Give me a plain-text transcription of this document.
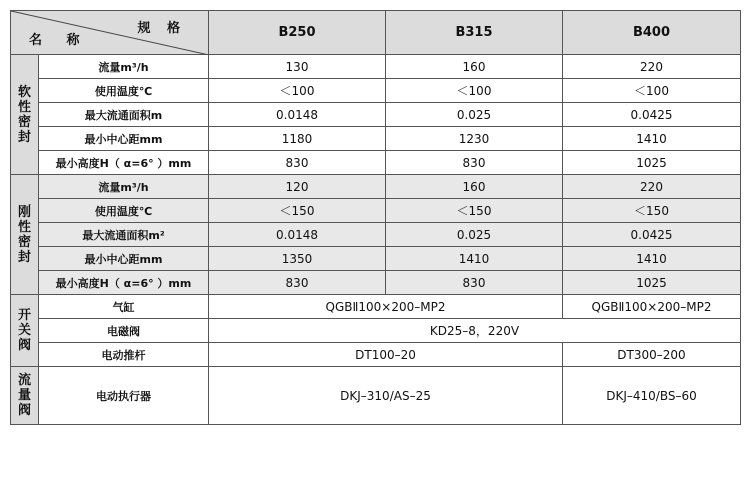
规 格
名 称		B250	B315	B400

软
性
密
封	流量m³/h	130	160	220
	使用温度℃	＜100	＜100	＜100
	最大流通面积m	0.0148	0.025	0.0425
	最小中心距mm	1180	1230	1410
	最小高度H（ α=6° ）mm	830	830	1025

刚
性
密
封	流量m³/h	120	160	220
	使用温度℃	＜150	＜150	＜150
	最大流通面积m²	0.0148	0.025	0.0425
	最小中心距mm	1350	1410	1410
	最小高度H（ α=6° ）mm	830	830	1025

开
关
阀	气缸	QGBⅡ100×200–MP2		QGBⅡ100×200–MP2
	电磁阀	KD25–8，220V		
	电动推杆	DT100–20		DT300–200

流
量
阀	电动执行器	DKJ–310/AS–25		DKJ–410/BS–60
